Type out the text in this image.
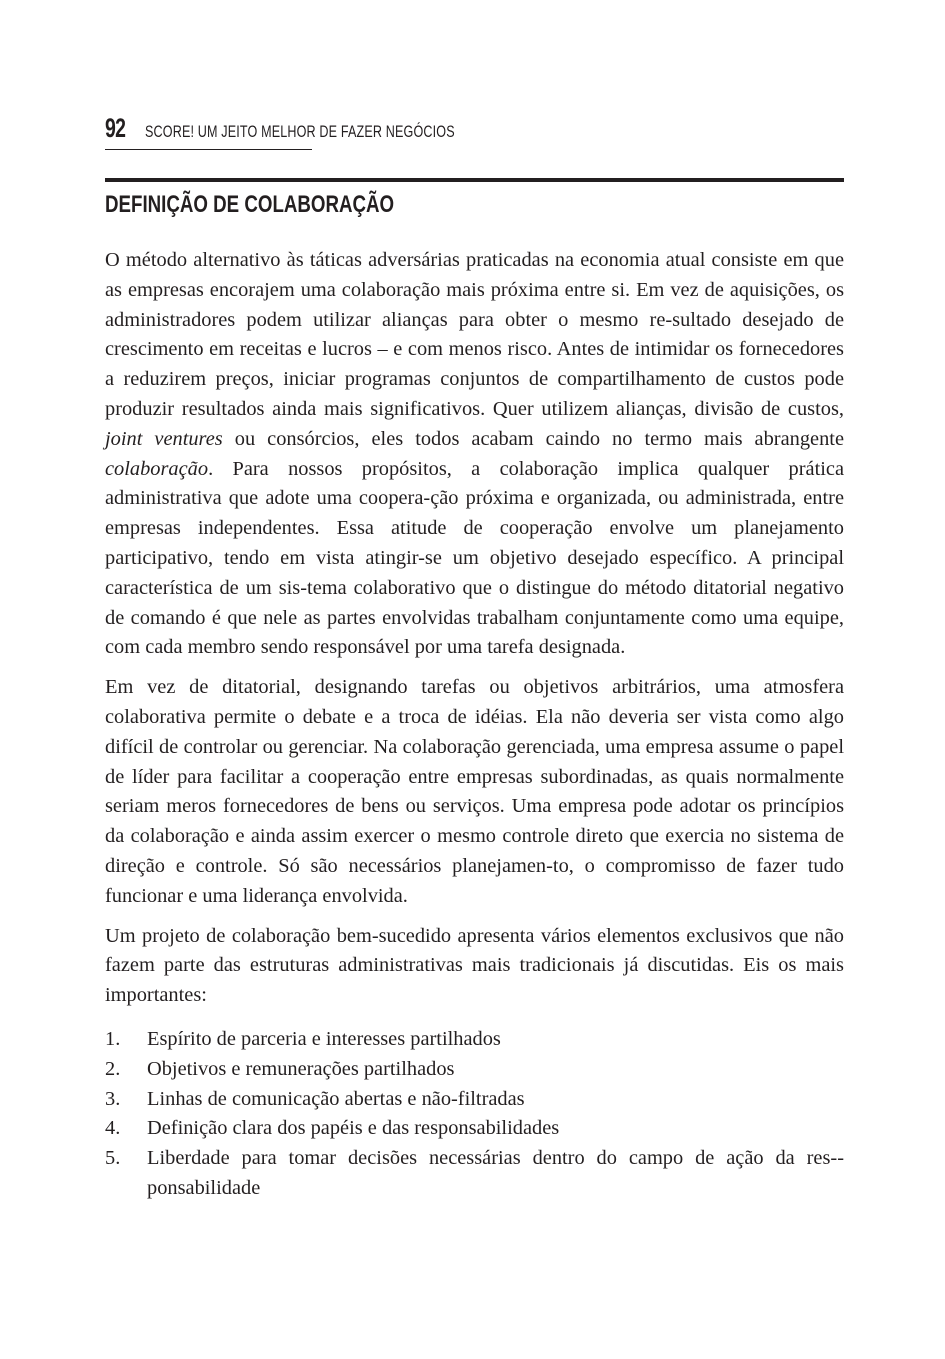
92 SCORE! UM JEITO MELHOR DE FAZER NEGÓCIOS
DEFINIÇÃO DE COLABORAÇÃO

O método alternativo às táticas adversárias praticadas na economia atual consiste em que as empresas encorajem uma colaboração mais próxima entre si. Em vez de aquisições, os administradores podem utilizar alianças para obter o mesmo re-sultado desejado de crescimento em receitas e lucros – e com menos risco. Antes de intimidar os fornecedores a reduzirem preços, iniciar programas conjuntos de compartilhamento de custos pode produzir resultados ainda mais significativos. Quer utilizem alianças, divisão de custos, joint ventures ou consórcios, eles todos acabam caindo no termo mais abrangente colaboração. Para nossos propósitos, a colaboração implica qualquer prática administrativa que adote uma coopera-ção próxima e organizada, ou administrada, entre empresas independentes. Essa atitude de cooperação envolve um planejamento participativo, tendo em vista atingir-se um objetivo desejado específico. A principal característica de um sis-tema colaborativo que o distingue do método ditatorial negativo de comando é que nele as partes envolvidas trabalham conjuntamente como uma equipe, com cada membro sendo responsável por uma tarefa designada.

Em vez de ditatorial, designando tarefas ou objetivos arbitrários, uma atmosfera colaborativa permite o debate e a troca de idéias. Ela não deveria ser vista como algo difícil de controlar ou gerenciar. Na colaboração gerenciada, uma empresa assume o papel de líder para facilitar a cooperação entre empresas subordinadas, as quais normalmente seriam meros fornecedores de bens ou serviços. Uma empresa pode adotar os princípios da colaboração e ainda assim exercer o mesmo controle direto que exercia no sistema de direção e controle. Só são necessários planejamen-to, o compromisso de fazer tudo funcionar e uma liderança envolvida.

Um projeto de colaboração bem-sucedido apresenta vários elementos exclusivos que não fazem parte das estruturas administrativas mais tradicionais já discutidas. Eis os mais importantes:

1.	Espírito de parceria e interesses partilhados
2.	Objetivos e remunerações partilhados
3.	Linhas de comunicação abertas e não-filtradas
4.	Definição clara dos papéis e das responsabilidades
5.	Liberdade para tomar decisões necessárias dentro do campo de ação da res-ponsabilidade
